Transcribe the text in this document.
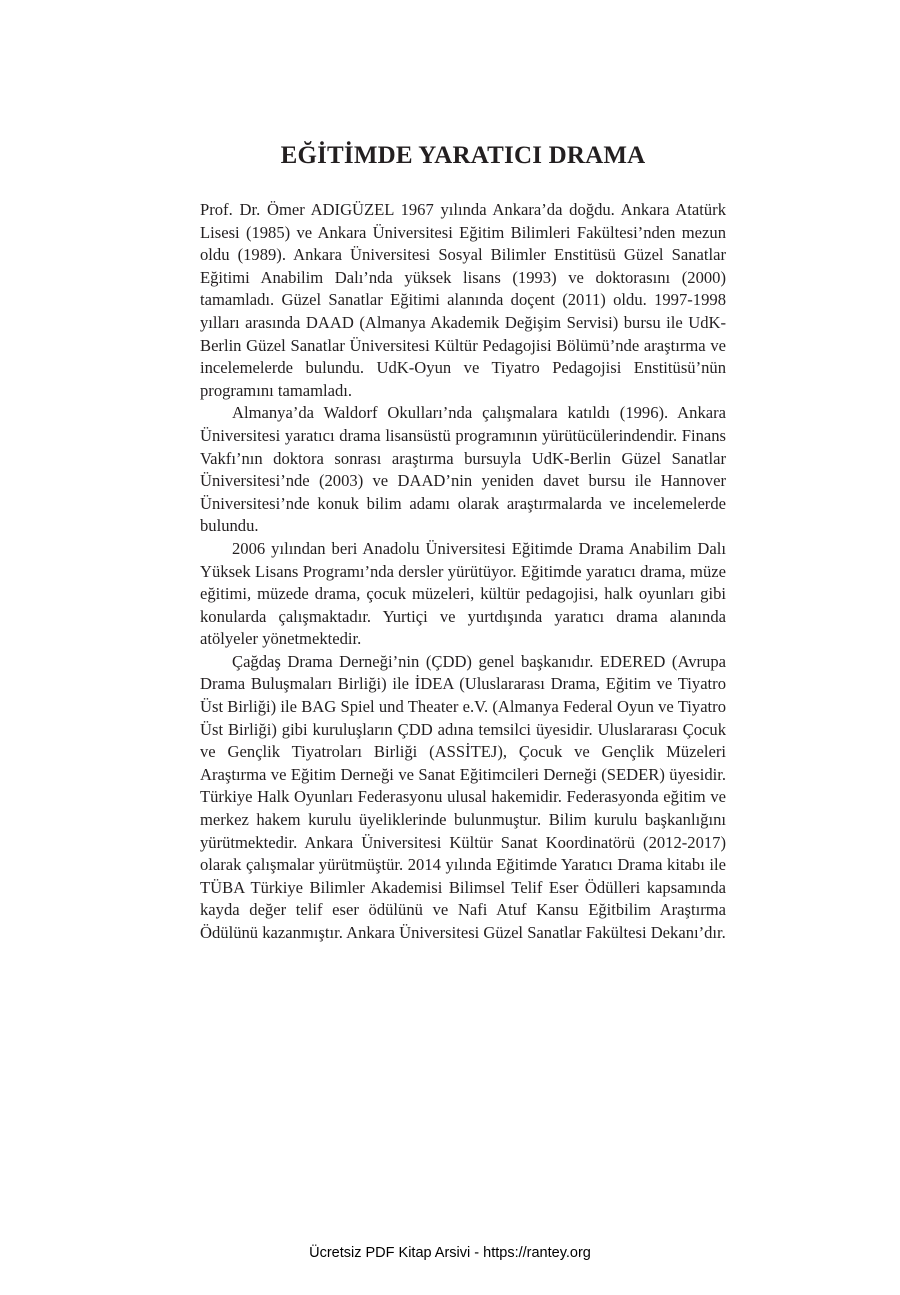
EĞİTİMDE YARATICI DRAMA

Prof. Dr. Ömer ADIGÜZEL 1967 yılında Ankara’da doğdu. Ankara Atatürk Lisesi (1985) ve Ankara Üniversitesi Eğitim Bilimleri Fakültesi’nden mezun oldu (1989). Ankara Üniversitesi Sosyal Bilimler Enstitüsü Güzel Sanatlar Eğitimi Anabilim Dalı’nda yüksek lisans (1993) ve doktorasını (2000) tamamladı. Güzel Sanatlar Eğitimi alanında doçent (2011) oldu. 1997-1998 yılları arasında DAAD (Almanya Akademik Değişim Servisi) bursu ile UdK- Berlin Güzel Sanatlar Üniversitesi Kültür Pedagojisi Bölümü’nde araştırma ve incelemelerde bulundu. UdK-Oyun ve Tiyatro Pedagojisi Enstitüsü’nün programını tamamladı.

Almanya’da Waldorf Okulları’nda çalışmalara katıldı (1996). Ankara Üniversitesi yaratıcı drama lisansüstü programının yürütücülerindendir. Finans Vakfı’nın doktora sonrası araştırma bursuyla UdK-Berlin Güzel Sanatlar Üniversitesi’nde (2003) ve DAAD’nin yeniden davet bursu ile Hannover Üniversitesi’nde konuk bilim adamı olarak araştırmalarda ve incelemelerde bulundu.

2006 yılından beri Anadolu Üniversitesi Eğitimde Drama Anabilim Dalı Yüksek Lisans Programı’nda dersler yürütüyor. Eğitimde yaratıcı drama, müze eğitimi, müzede drama, çocuk müzeleri, kültür pedagojisi, halk oyunları gibi konularda çalışmaktadır. Yurtiçi ve yurtdışında yaratıcı drama alanında atölyeler yönetmektedir.

Çağdaş Drama Derneği’nin (ÇDD) genel başkanıdır. EDERED (Avrupa Drama Buluşmaları Birliği) ile İDEA (Uluslararası Drama, Eğitim ve Tiyatro Üst Birliği) ile BAG Spiel und Theater e.V. (Almanya Federal Oyun ve Tiyatro Üst Birliği) gibi kuruluşların ÇDD adına temsilci üyesidir. Uluslararası Çocuk ve Gençlik Tiyatroları Birliği (ASSİTEJ), Çocuk ve Gençlik Müzeleri Araştırma ve Eğitim Derneği ve Sanat Eğitimcileri Derneği (SEDER) üyesidir. Türkiye Halk Oyunları Federasyonu ulusal hakemidir. Federasyonda eğitim ve merkez hakem kurulu üyeliklerinde bulunmuştur. Bilim kurulu başkanlığını yürütmektedir. Ankara Üniversitesi Kültür Sanat Koordinatörü (2012-2017) olarak çalışmalar yürütmüştür. 2014 yılında Eğitimde Yaratıcı Drama kitabı ile TÜBA Türkiye Bilimler Akademisi Bilimsel Telif Eser Ödülleri kapsamında kayda değer telif eser ödülünü ve Nafi Atuf Kansu Eğitbilim Araştırma Ödülünü kazanmıştır. Ankara Üniversitesi Güzel Sanatlar Fakültesi Dekanı’dır.

Ücretsiz PDF Kitap Arsivi - https://rantey.org
